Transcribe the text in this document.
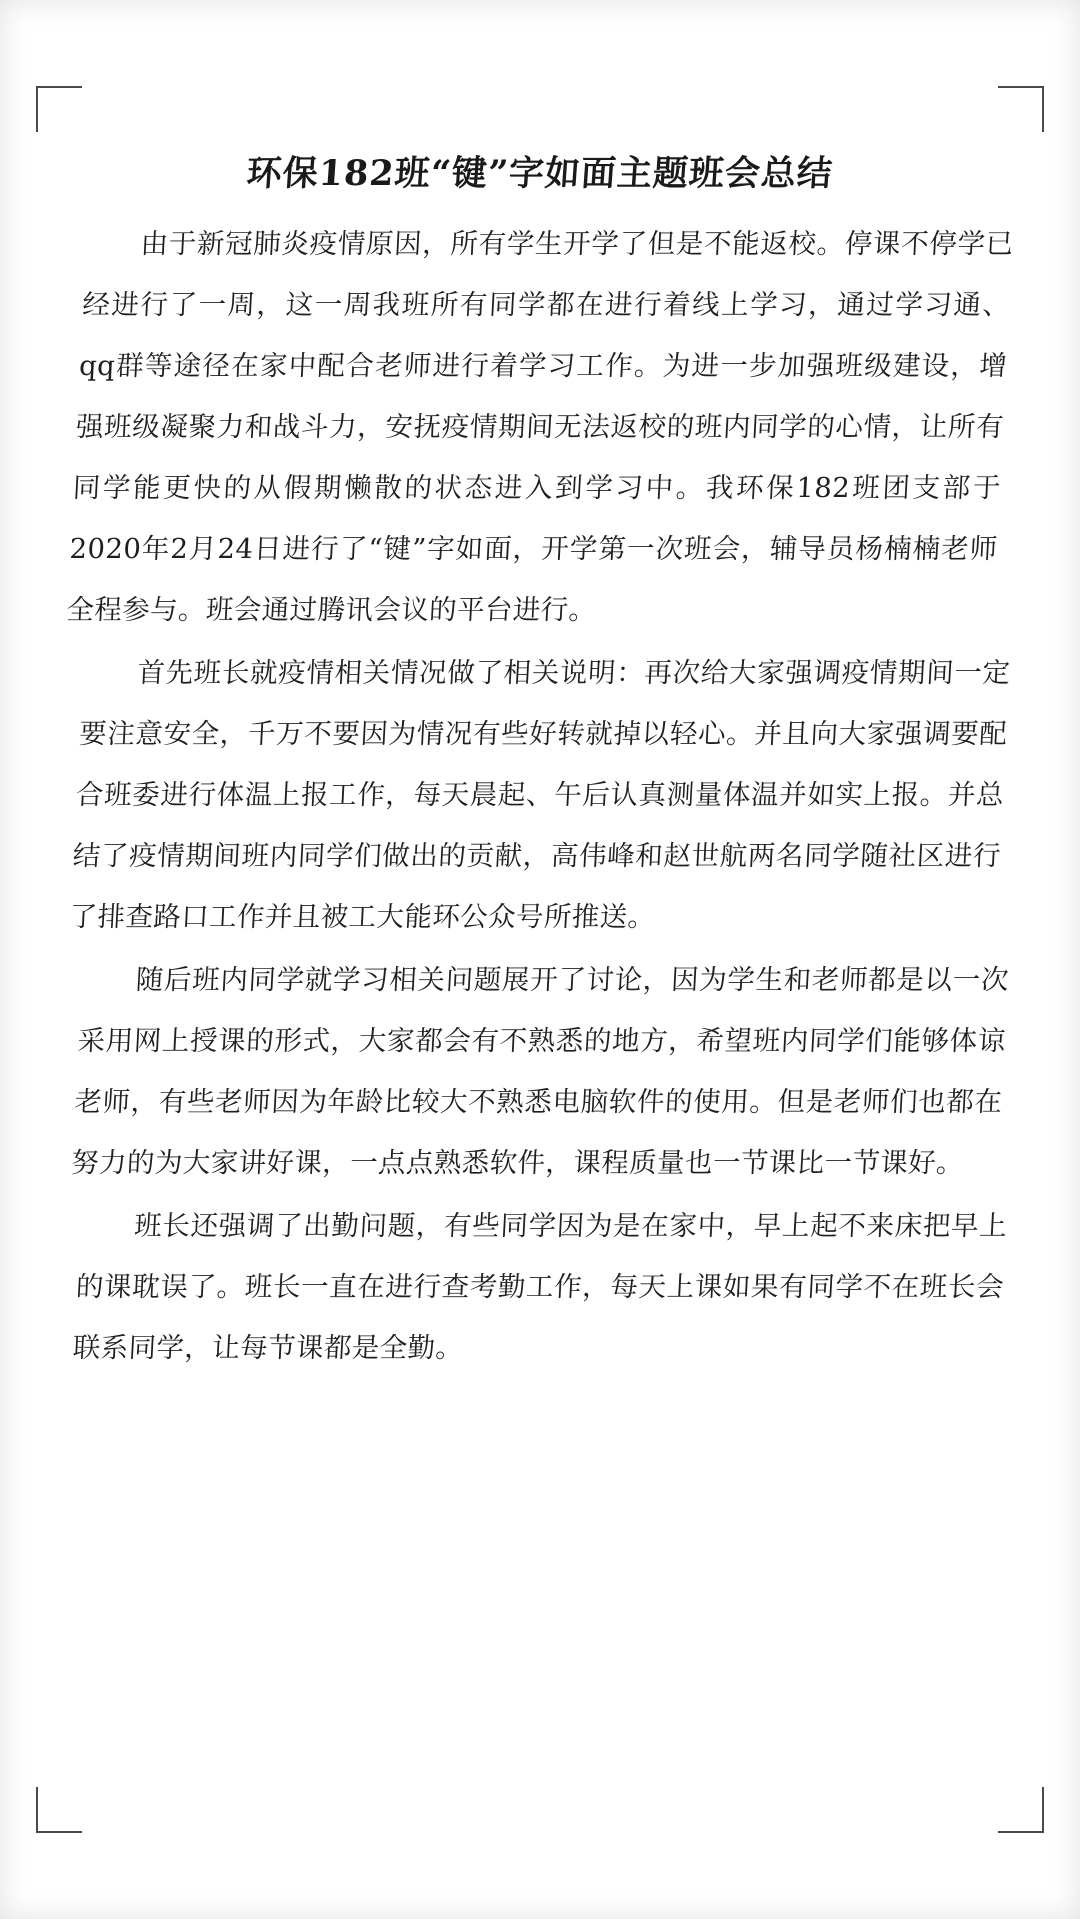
环保182班“键”字如面主题班会总结

由于新冠肺炎疫情原因，所有学生开学了但是不能返校。停课不停学已经进行了一周，这一周我班所有同学都在进行着线上学习，通过学习通、qq群等途径在家中配合老师进行着学习工作。为进一步加强班级建设，增强班级凝聚力和战斗力，安抚疫情期间无法返校的班内同学的心情，让所有同学能更快的从假期懒散的状态进入到学习中。我环保182班团支部于2020年2月24日进行了“键”字如面，开学第一次班会，辅导员杨楠楠老师全程参与。班会通过腾讯会议的平台进行。

首先班长就疫情相关情况做了相关说明：再次给大家强调疫情期间一定要注意安全，千万不要因为情况有些好转就掉以轻心。并且向大家强调要配合班委进行体温上报工作，每天晨起、午后认真测量体温并如实上报。并总结了疫情期间班内同学们做出的贡献，高伟峰和赵世航两名同学随社区进行了排查路口工作并且被工大能环公众号所推送。

随后班内同学就学习相关问题展开了讨论，因为学生和老师都是以一次采用网上授课的形式，大家都会有不熟悉的地方，希望班内同学们能够体谅老师，有些老师因为年龄比较大不熟悉电脑软件的使用。但是老师们也都在努力的为大家讲好课，一点点熟悉软件，课程质量也一节课比一节课好。

班长还强调了出勤问题，有些同学因为是在家中，早上起不来床把早上的课耽误了。班长一直在进行查考勤工作，每天上课如果有同学不在班长会联系同学，让每节课都是全勤。
